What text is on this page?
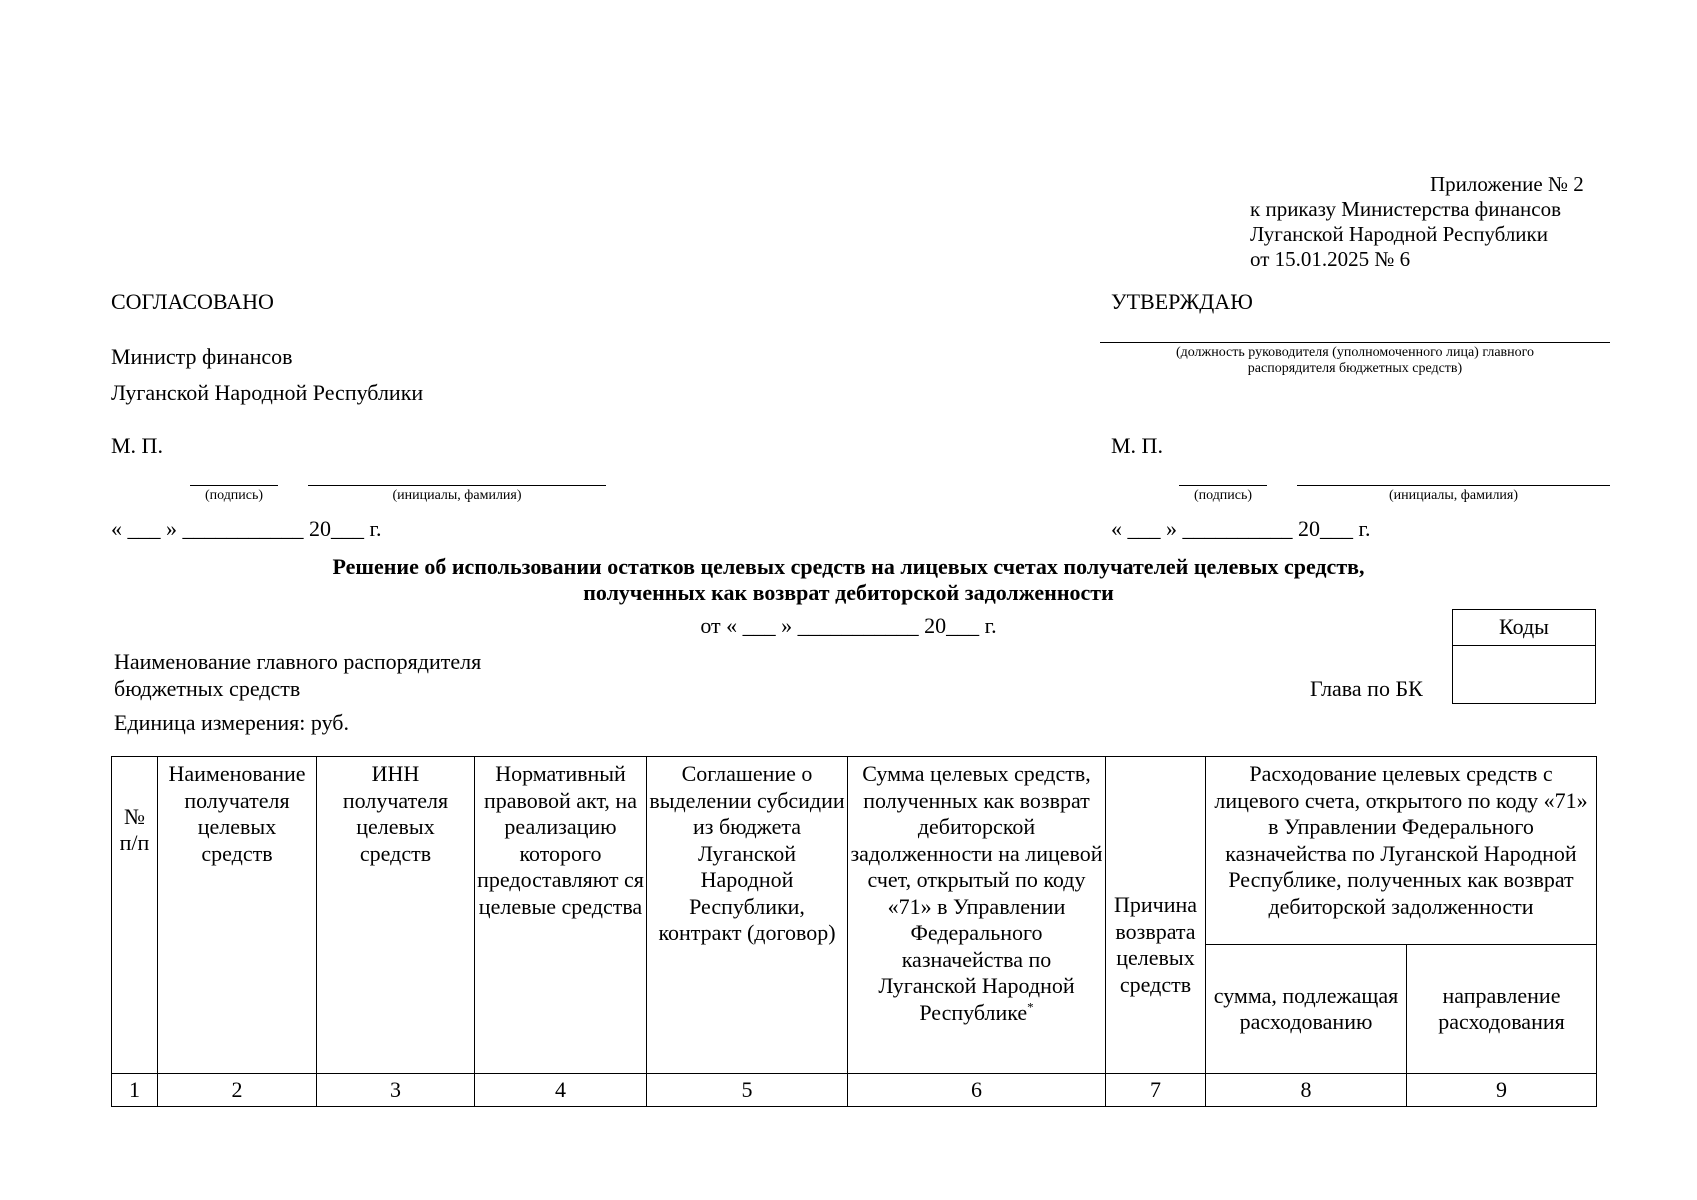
Приложение № 2
к приказу Министерства финансов
Луганской Народной Республики
от 15.01.2025 № 6
СОГЛАСОВАНО
Министр финансов
Луганской Народной Республики
М. П.
(подпись)	(инициалы, фамилия)
« ___ » ___________ 20___ г.
УТВЕРЖДАЮ
(должность руководителя (уполномоченного лица) главного
распорядителя бюджетных средств)
М. П.
(подпись)	(инициалы, фамилия)
« ___ » __________ 20___ г.
Решение об использовании остатков целевых средств на лицевых счетах получателей целевых средств,
полученных как возврат дебиторской задолженности
от « ___ » ___________ 20___ г.	Коды
Наименование главного распорядителя
бюджетных средств	Глава по БК
Единица измерения: руб.
№ п/п	Наименование получателя целевых средств	ИНН получателя целевых средств	Нормативный правовой акт, на реализацию которого предоставляют ся целевые средства	Соглашение о выделении субсидии из бюджета Луганской Народной Республики, контракт (договор)	Сумма целевых средств, полученных как возврат дебиторской задолженности на лицевой счет, открытый по коду «71» в Управлении Федерального казначейства по Луганской Народной Республике*	Причина возврата целевых средств	Расходование целевых средств с лицевого счета, открытого по коду «71» в Управлении Федерального казначейства по Луганской Народной Республике, полученных как возврат дебиторской задолженности	
							сумма, подлежащая расходованию	направление расходования
1	2	3	4	5	6	7	8	9
